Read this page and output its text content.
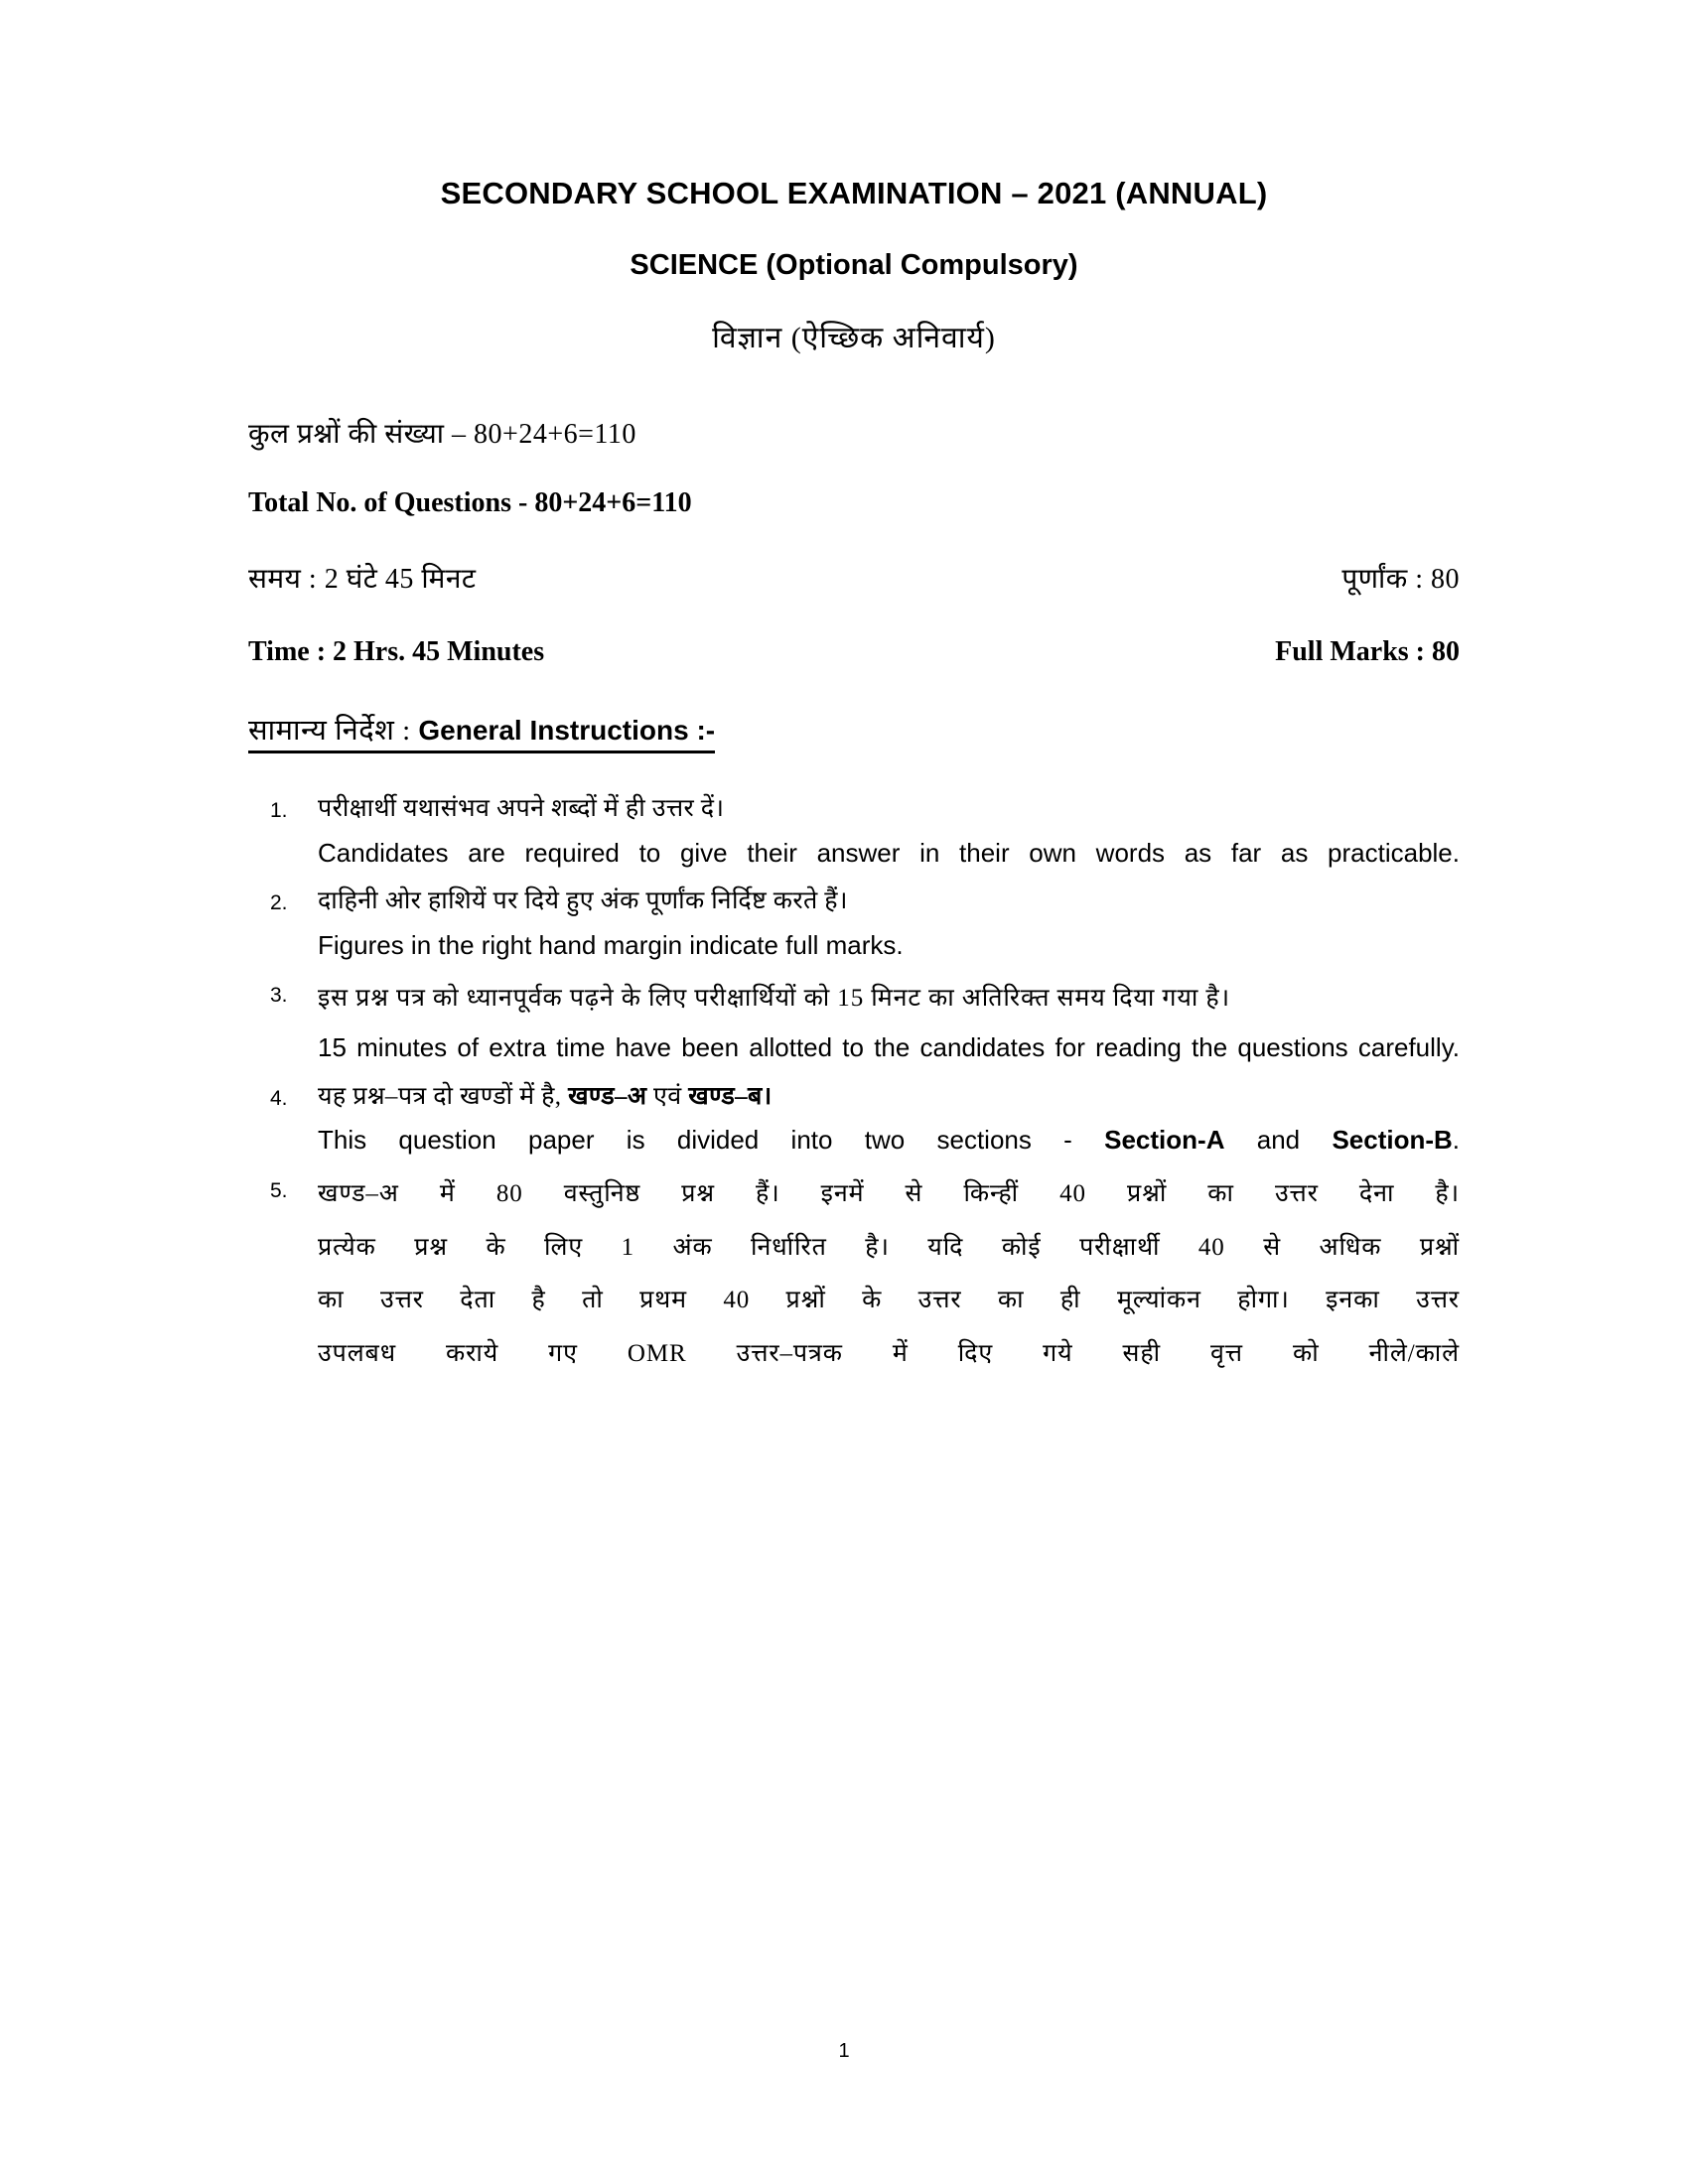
SECONDARY SCHOOL EXAMINATION – 2021 (ANNUAL)
SCIENCE (Optional Compulsory)
विज्ञान (ऐच्छिक अनिवार्य)
कुल प्रश्नों की संख्या – 80+24+6=110
Total No. of Questions - 80+24+6=110
समय : 2 घंटे 45 मिनट	पूर्णांक : 80
Time : 2 Hrs. 45 Minutes	Full Marks : 80
सामान्य निर्देश : General Instructions :-
1.	परीक्षार्थी यथासंभव अपने शब्दों में ही उत्तर दें।
Candidates are required to give their answer in their own words as far as practicable.
2.	दाहिनी ओर हाशियें पर दिये हुए अंक पूर्णांक निर्दिष्ट करते हैं।
Figures in the right hand margin indicate full marks.
3.	इस प्रश्न पत्र को ध्यानपूर्वक पढ़ने के लिए परीक्षार्थियों को 15 मिनट का अतिरिक्त समय दिया गया है।
15 minutes of extra time have been allotted to the candidates for reading the questions carefully.
4.	यह प्रश्न–पत्र दो खण्डों में है, खण्ड–अ एवं खण्ड–ब।
This question paper is divided into two sections - Section-A and Section-B.
5.	खण्ड–अ में 80 वस्तुनिष्ठ प्रश्न हैं। इनमें से किन्हीं 40 प्रश्नों का उत्तर देना है।
प्रत्येक प्रश्न के लिए 1 अंक निर्धारित है। यदि कोई परीक्षार्थी 40 से अधिक प्रश्नों
का उत्तर देता है तो प्रथम 40 प्रश्नों के उत्तर का ही मूल्यांकन होगा। इनका उत्तर
उपलबध कराये गए OMR उत्तर–पत्रक में दिए गये सही वृत्त को नीले/काले
1
